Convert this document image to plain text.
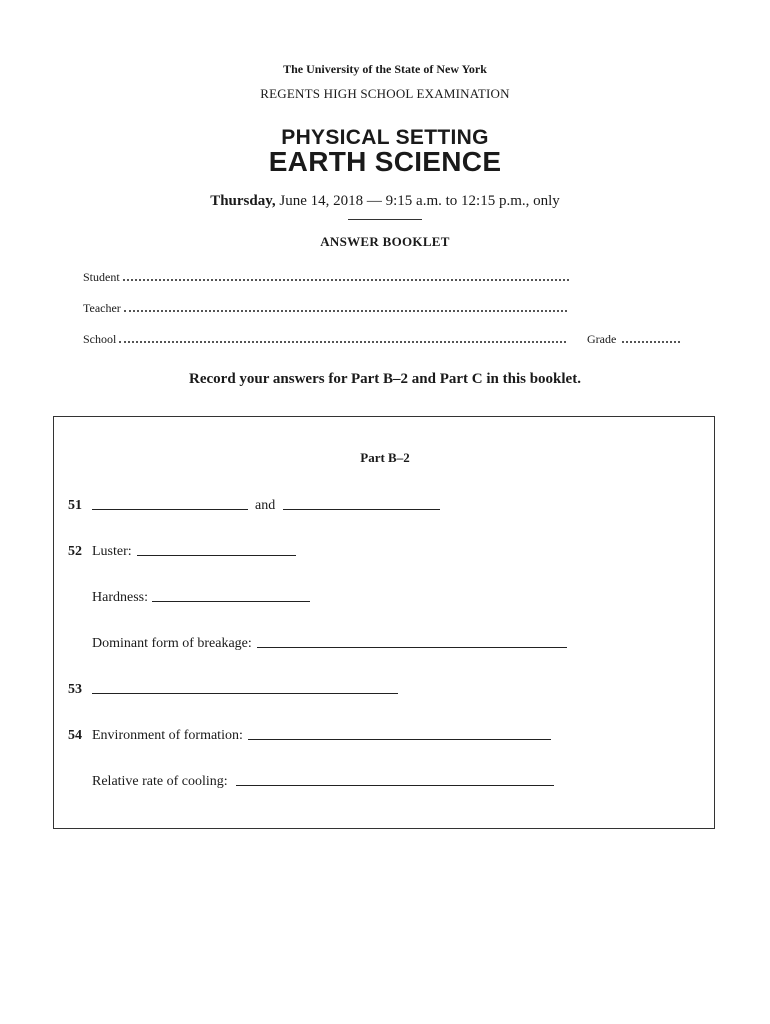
The University of the State of New York
REGENTS HIGH SCHOOL EXAMINATION
PHYSICAL SETTING
EARTH SCIENCE
Thursday, June 14, 2018 — 9:15 a.m. to 12:15 p.m., only
ANSWER BOOKLET
Student
Teacher
School	Grade
Record your answers for Part B–2 and Part C in this booklet.
Part B–2
51	and
52 Luster:
Hardness:
Dominant form of breakage:
53
54 Environment of formation:
Relative rate of cooling:
